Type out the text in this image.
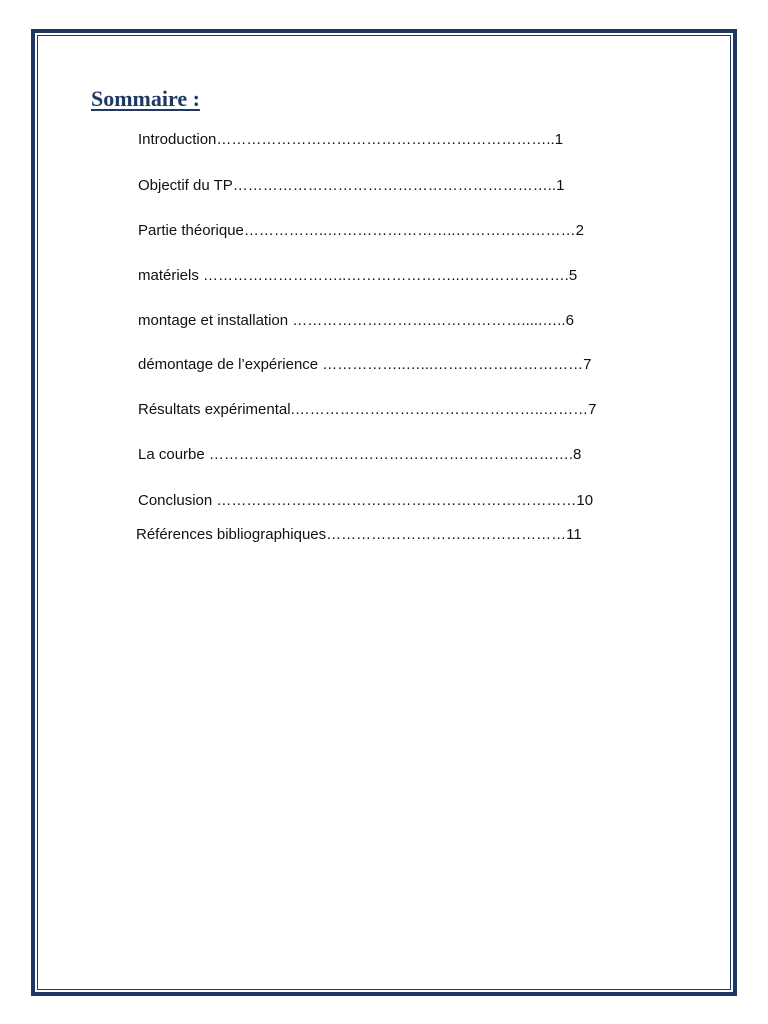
Sommaire :
Introduction…………………………………………………………..1
Objectif du TP………………………………………………………..1
Partie théorique……………..……………………..……………………2
matériels ………………………..…………………..………………….5
montage et installation ……………………….……………….....…..6
démontage de l’expérience ……………..…...…………………………7
Résultats expérimental.…………………………………………..………7
La courbe ……………………………………………………………….8
Conclusion ………………………………………………………………10
Références bibliographiques…………………………………………11
